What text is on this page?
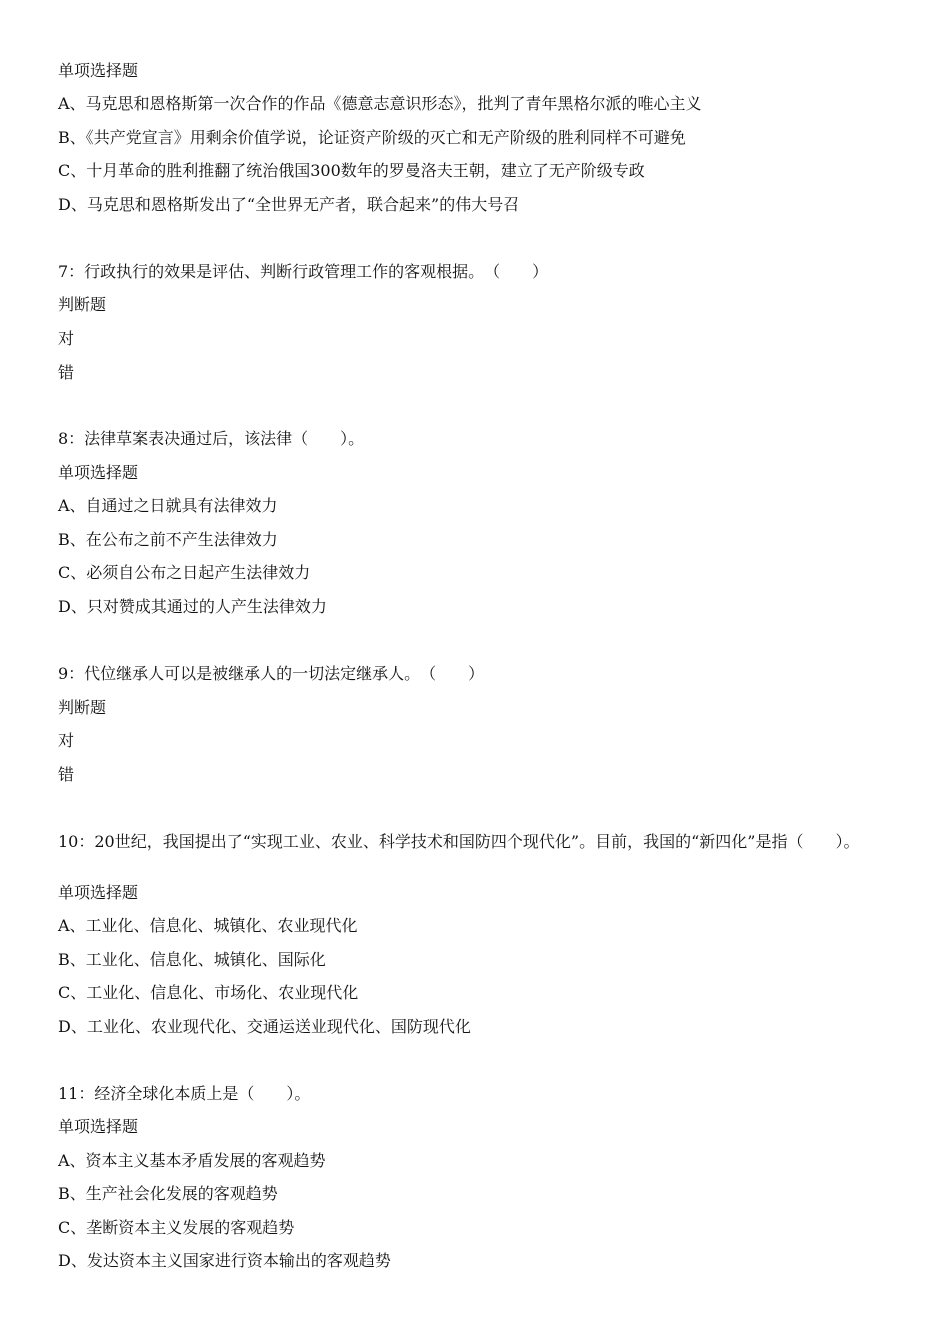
单项选择题
A、马克思和恩格斯第一次合作的作品《德意志意识形态》，批判了青年黑格尔派的唯心主义
B、《共产党宣言》用剩余价值学说，论证资产阶级的灭亡和无产阶级的胜利同样不可避免
C、十月革命的胜利推翻了统治俄国300数年的罗曼洛夫王朝，建立了无产阶级专政
D、马克思和恩格斯发出了“全世界无产者，联合起来”的伟大号召
7：行政执行的效果是评估、判断行政管理工作的客观根据。　（　　）
判断题
对
错
8：法律草案表决通过后，该法律（　　）。
单项选择题
A、自通过之日就具有法律效力
B、在公布之前不产生法律效力
C、必须自公布之日起产生法律效力
D、只对赞成其通过的人产生法律效力
9：代位继承人可以是被继承人的一切法定继承人。　（　　）
判断题
对
错
10：20世纪，我国提出了“实现工业、农业、科学技术和国防四个现代化”。目前，我国的“新四化”是指（　　）。
单项选择题
A、工业化、信息化、城镇化、农业现代化
B、工业化、信息化、城镇化、国际化
C、工业化、信息化、市场化、农业现代化
D、工业化、农业现代化、交通运送业现代化、国防现代化
11：经济全球化本质上是（　　）。
单项选择题
A、资本主义基本矛盾发展的客观趋势
B、生产社会化发展的客观趋势
C、垄断资本主义发展的客观趋势
D、发达资本主义国家进行资本输出的客观趋势
